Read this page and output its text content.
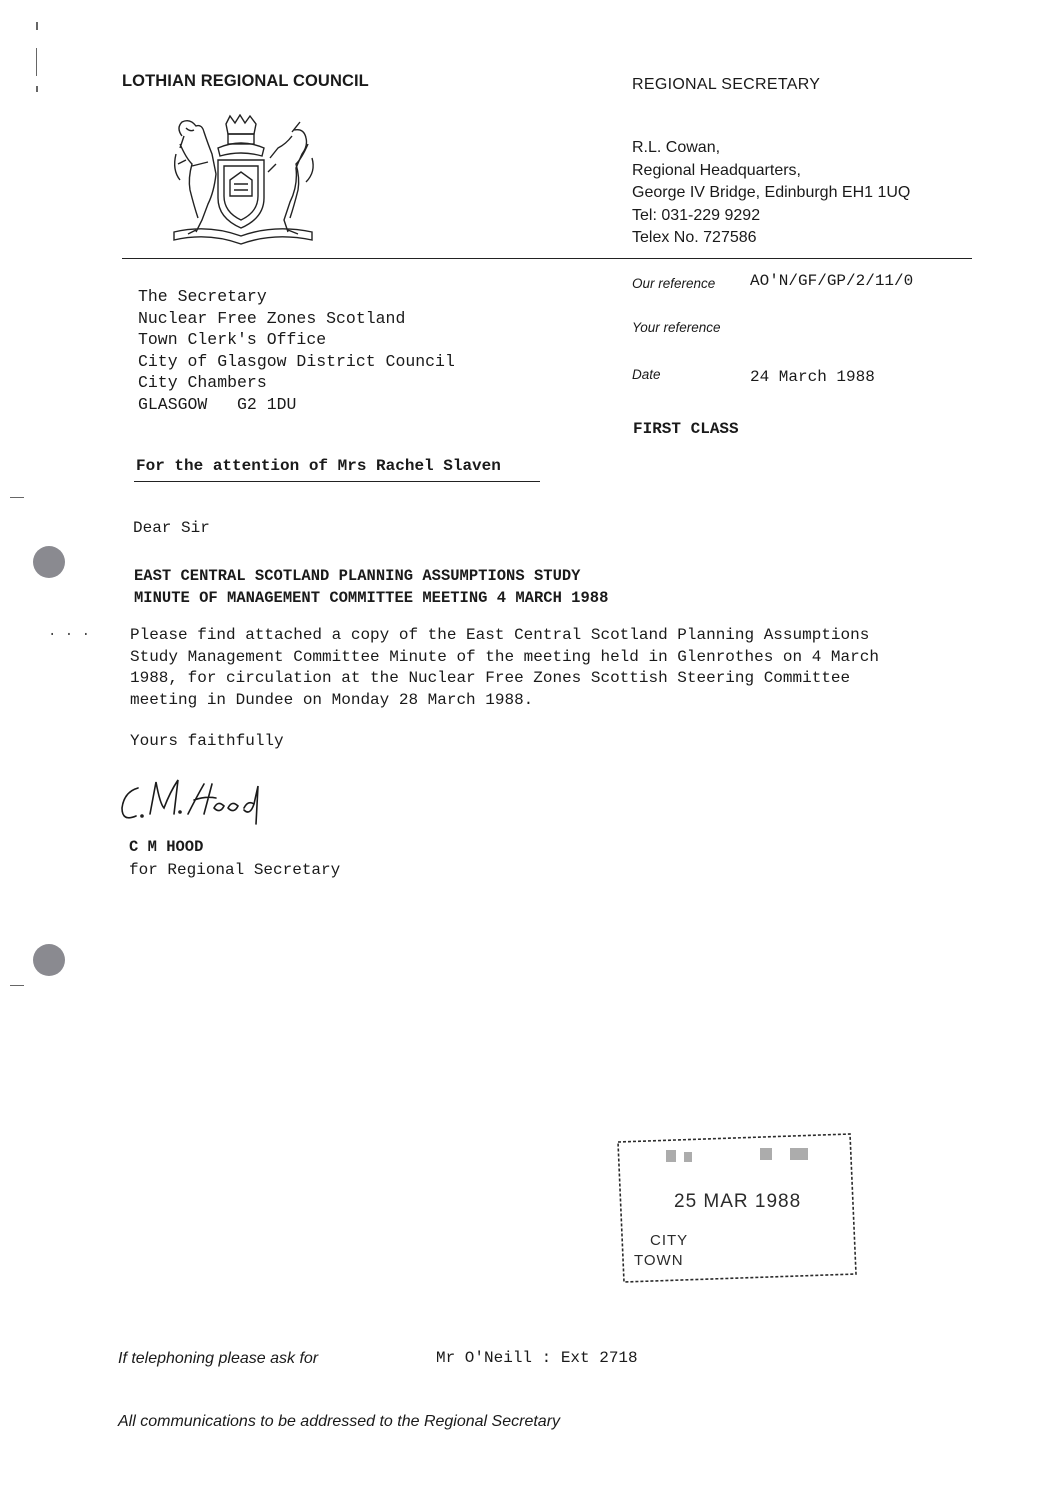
. . .
LOTHIAN REGIONAL COUNCIL	REGIONAL SECRETARY
R.L. Cowan,
Regional Headquarters,
George IV Bridge, Edinburgh EH1 1UQ
Tel: 031-229 9292
Telex No. 727586
The Secretary
Nuclear Free Zones Scotland
Town Clerk's Office
City of Glasgow District Council
City Chambers
GLASGOW   G2 1DU
Our reference AO'N/GF/GP/2/11/0
Your reference
Date	24 March 1988
FIRST CLASS
For the attention of Mrs Rachel Slaven
Dear Sir
EAST CENTRAL SCOTLAND PLANNING ASSUMPTIONS STUDY
MINUTE OF MANAGEMENT COMMITTEE MEETING 4 MARCH 1988
Please find attached a copy of the East Central Scotland Planning Assumptions
Study Management Committee Minute of the meeting held in Glenrothes on 4 March
1988, for circulation at the Nuclear Free Zones Scottish Steering Committee
meeting in Dundee on Monday 28 March 1988.
Yours faithfully
C M HOOD
for Regional Secretary
25 MAR 1988
CITY
TOWN
If telephoning please ask for	Mr O'Neill : Ext 2718
All communications to be addressed to the Regional Secretary
